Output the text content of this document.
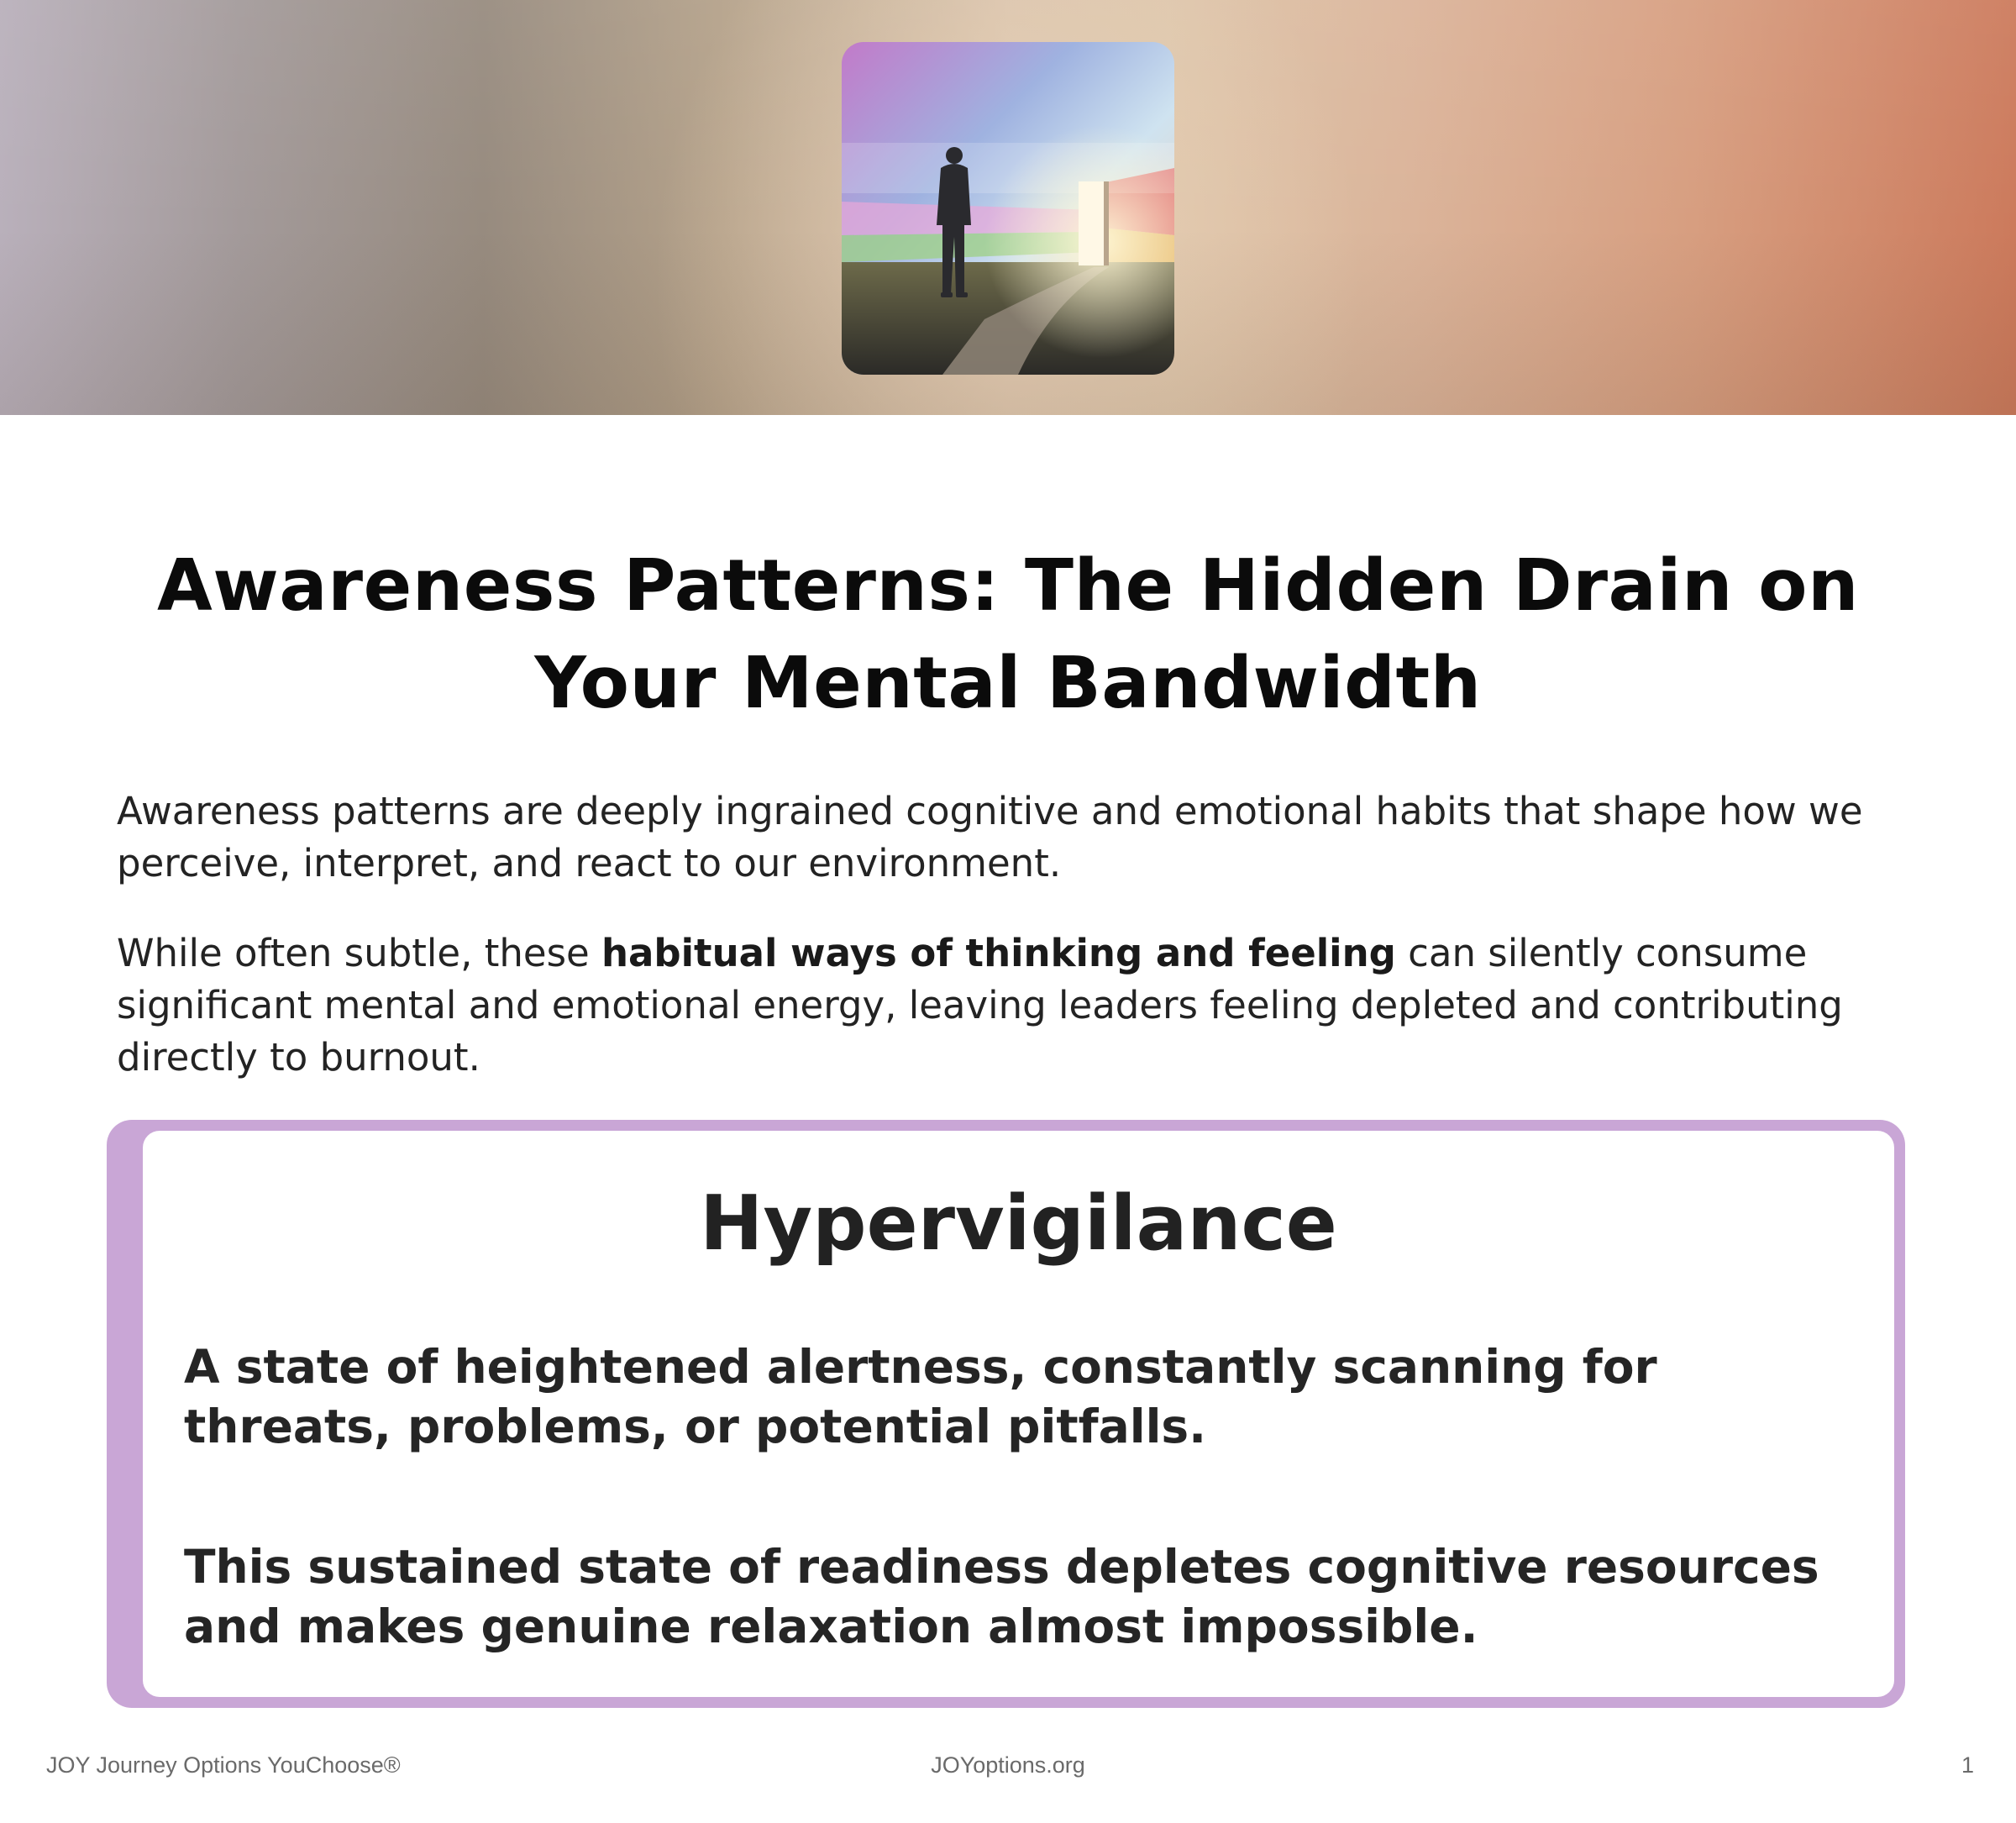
Awareness Patterns: The Hidden Drain on Your Mental Bandwidth

Awareness patterns are deeply ingrained cognitive and emotional habits that shape how we perceive, interpret, and react to our environment.

While often subtle, these habitual ways of thinking and feeling can silently consume significant mental and emotional energy, leaving leaders feeling depleted and contributing directly to burnout.

Hypervigilance

A state of heightened alertness, constantly scanning for threats, problems, or potential pitfalls.

This sustained state of readiness depletes cognitive resources and makes genuine relaxation almost impossible.

JOY Journey Options YouChoose®	JOYoptions.org	1
